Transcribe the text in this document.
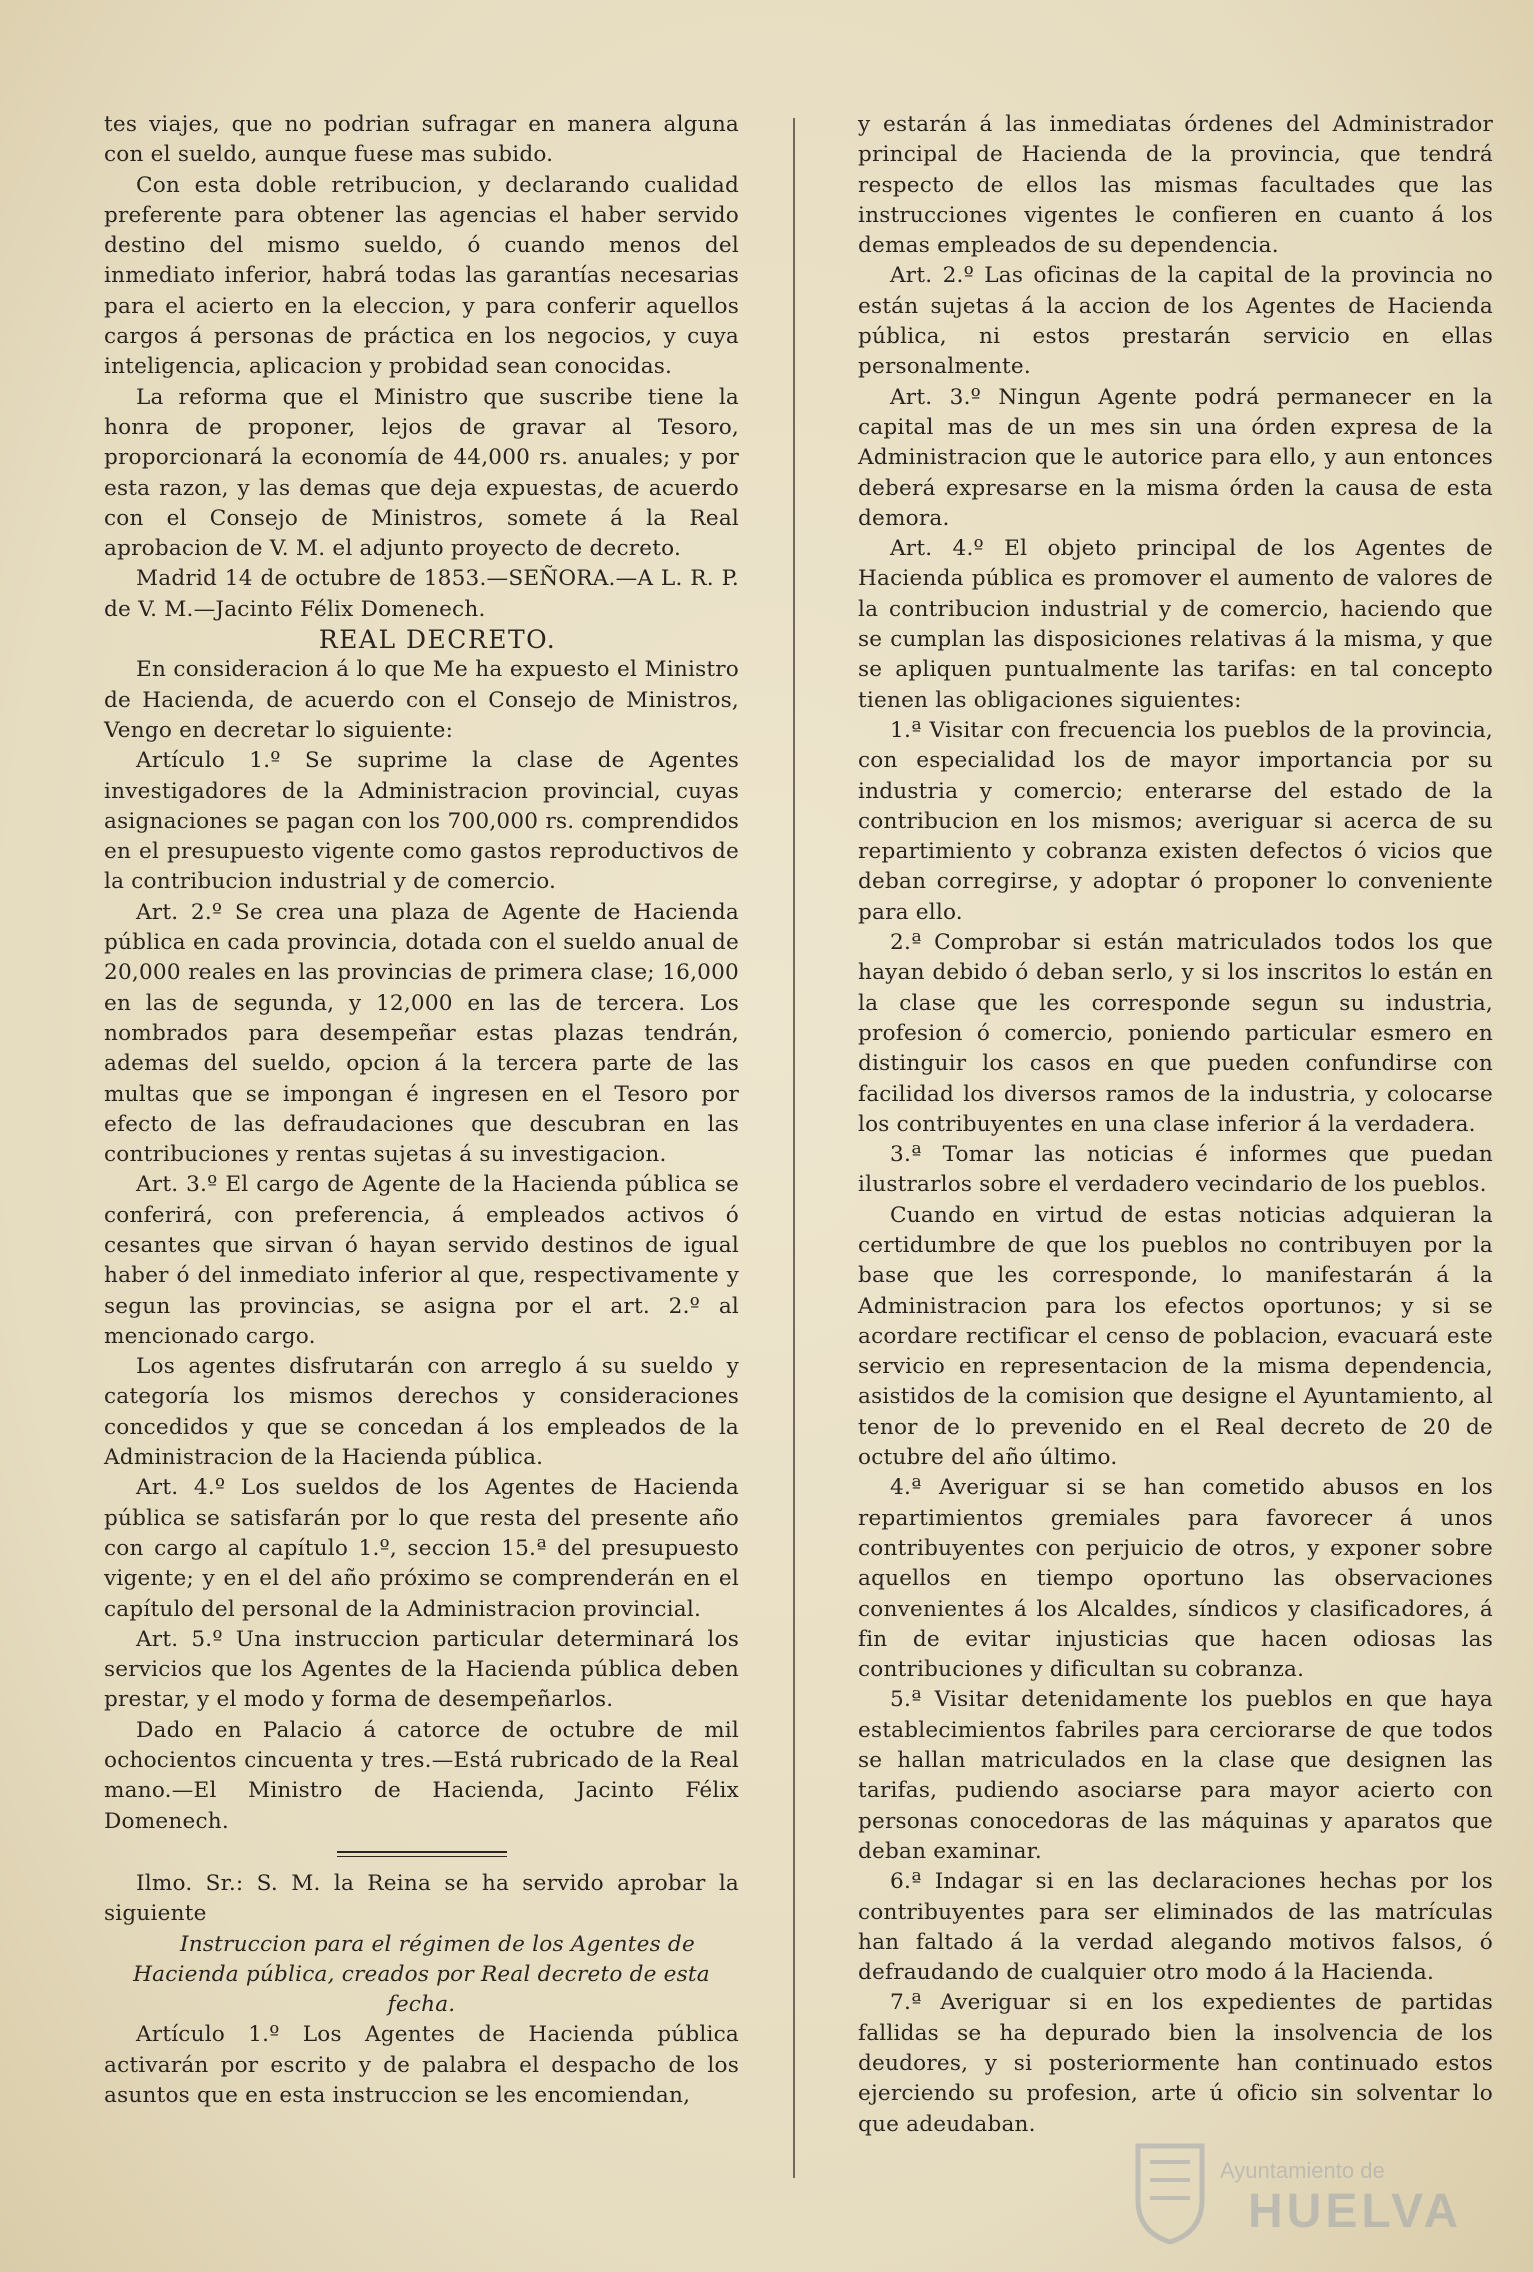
tes viajes, que no podrian sufragar en manera alguna con el sueldo, aunque fuese mas subido.

Con esta doble retribucion, y declarando cualidad preferente para obtener las agencias el haber servido destino del mismo sueldo, ó cuando menos del inmediato inferior, habrá todas las garantías necesarias para el acierto en la eleccion, y para conferir aquellos cargos á personas de práctica en los negocios, y cuya inteligencia, aplicacion y probidad sean conocidas.

La reforma que el Ministro que suscribe tiene la honra de proponer, lejos de gravar al Tesoro, proporcionará la economía de 44,000 rs. anuales; y por esta razon, y las demas que deja expuestas, de acuerdo con el Consejo de Ministros, somete á la Real aprobacion de V. M. el adjunto proyecto de decreto.

Madrid 14 de octubre de 1853.—SEÑORA.—A L. R. P. de V. M.—Jacinto Félix Domenech.

REAL DECRETO.

En consideracion á lo que Me ha expuesto el Ministro de Hacienda, de acuerdo con el Consejo de Ministros, Vengo en decretar lo siguiente:

Artículo 1.º Se suprime la clase de Agentes investigadores de la Administracion provincial, cuyas asignaciones se pagan con los 700,000 rs. comprendidos en el presupuesto vigente como gastos reproductivos de la contribucion industrial y de comercio.

Art. 2.º Se crea una plaza de Agente de Hacienda pública en cada provincia, dotada con el sueldo anual de 20,000 reales en las provincias de primera clase; 16,000 en las de segunda, y 12,000 en las de tercera. Los nombrados para desempeñar estas plazas tendrán, ademas del sueldo, opcion á la tercera parte de las multas que se impongan é ingresen en el Tesoro por efecto de las defraudaciones que descubran en las contribuciones y rentas sujetas á su investigacion.

Art. 3.º El cargo de Agente de la Hacienda pública se conferirá, con preferencia, á empleados activos ó cesantes que sirvan ó hayan servido destinos de igual haber ó del inmediato inferior al que, respectivamente y segun las provincias, se asigna por el art. 2.º al mencionado cargo.

Los agentes disfrutarán con arreglo á su sueldo y categoría los mismos derechos y consideraciones concedidos y que se concedan á los empleados de la Administracion de la Hacienda pública.

Art. 4.º Los sueldos de los Agentes de Hacienda pública se satisfarán por lo que resta del presente año con cargo al capítulo 1.º, seccion 15.ª del presupuesto vigente; y en el del año próximo se comprenderán en el capítulo del personal de la Administracion provincial.

Art. 5.º Una instruccion particular determinará los servicios que los Agentes de la Hacienda pública deben prestar, y el modo y forma de desempeñarlos.

Dado en Palacio á catorce de octubre de mil ochocientos cincuenta y tres.—Está rubricado de la Real mano.—El Ministro de Hacienda, Jacinto Félix Domenech.

Ilmo. Sr.: S. M. la Reina se ha servido aprobar la siguiente

Instruccion para el régimen de los Agentes de Hacienda pública, creados por Real decreto de esta fecha.

Artículo 1.º Los Agentes de Hacienda pública activarán por escrito y de palabra el despacho de los asuntos que en esta instruccion se les encomiendan,

y estarán á las inmediatas órdenes del Administrador principal de Hacienda de la provincia, que tendrá respecto de ellos las mismas facultades que las instrucciones vigentes le confieren en cuanto á los demas empleados de su dependencia.

Art. 2.º Las oficinas de la capital de la provincia no están sujetas á la accion de los Agentes de Hacienda pública, ni estos prestarán servicio en ellas personalmente.

Art. 3.º Ningun Agente podrá permanecer en la capital mas de un mes sin una órden expresa de la Administracion que le autorice para ello, y aun entonces deberá expresarse en la misma órden la causa de esta demora.

Art. 4.º El objeto principal de los Agentes de Hacienda pública es promover el aumento de valores de la contribucion industrial y de comercio, haciendo que se cumplan las disposiciones relativas á la misma, y que se apliquen puntualmente las tarifas: en tal concepto tienen las obligaciones siguientes:

1.ª Visitar con frecuencia los pueblos de la provincia, con especialidad los de mayor importancia por su industria y comercio; enterarse del estado de la contribucion en los mismos; averiguar si acerca de su repartimiento y cobranza existen defectos ó vicios que deban corregirse, y adoptar ó proponer lo conveniente para ello.

2.ª Comprobar si están matriculados todos los que hayan debido ó deban serlo, y si los inscritos lo están en la clase que les corresponde segun su industria, profesion ó comercio, poniendo particular esmero en distinguir los casos en que pueden confundirse con facilidad los diversos ramos de la industria, y colocarse los contribuyentes en una clase inferior á la verdadera.

3.ª Tomar las noticias é informes que puedan ilustrarlos sobre el verdadero vecindario de los pueblos.

Cuando en virtud de estas noticias adquieran la certidumbre de que los pueblos no contribuyen por la base que les corresponde, lo manifestarán á la Administracion para los efectos oportunos; y si se acordare rectificar el censo de poblacion, evacuará este servicio en representacion de la misma dependencia, asistidos de la comision que designe el Ayuntamiento, al tenor de lo prevenido en el Real decreto de 20 de octubre del año último.

4.ª Averiguar si se han cometido abusos en los repartimientos gremiales para favorecer á unos contribuyentes con perjuicio de otros, y exponer sobre aquellos en tiempo oportuno las observaciones convenientes á los Alcaldes, síndicos y clasificadores, á fin de evitar injusticias que hacen odiosas las contribuciones y dificultan su cobranza.

5.ª Visitar detenidamente los pueblos en que haya establecimientos fabriles para cerciorarse de que todos se hallan matriculados en la clase que designen las tarifas, pudiendo asociarse para mayor acierto con personas conocedoras de las máquinas y aparatos que deban examinar.

6.ª Indagar si en las declaraciones hechas por los contribuyentes para ser eliminados de las matrículas han faltado á la verdad alegando motivos falsos, ó defraudando de cualquier otro modo á la Hacienda.

7.ª Averiguar si en los expedientes de partidas fallidas se ha depurado bien la insolvencia de los deudores, y si posteriormente han continuado estos ejerciendo su profesion, arte ú oficio sin solventar lo que adeudaban.

Ayuntamiento de
HUELVA
